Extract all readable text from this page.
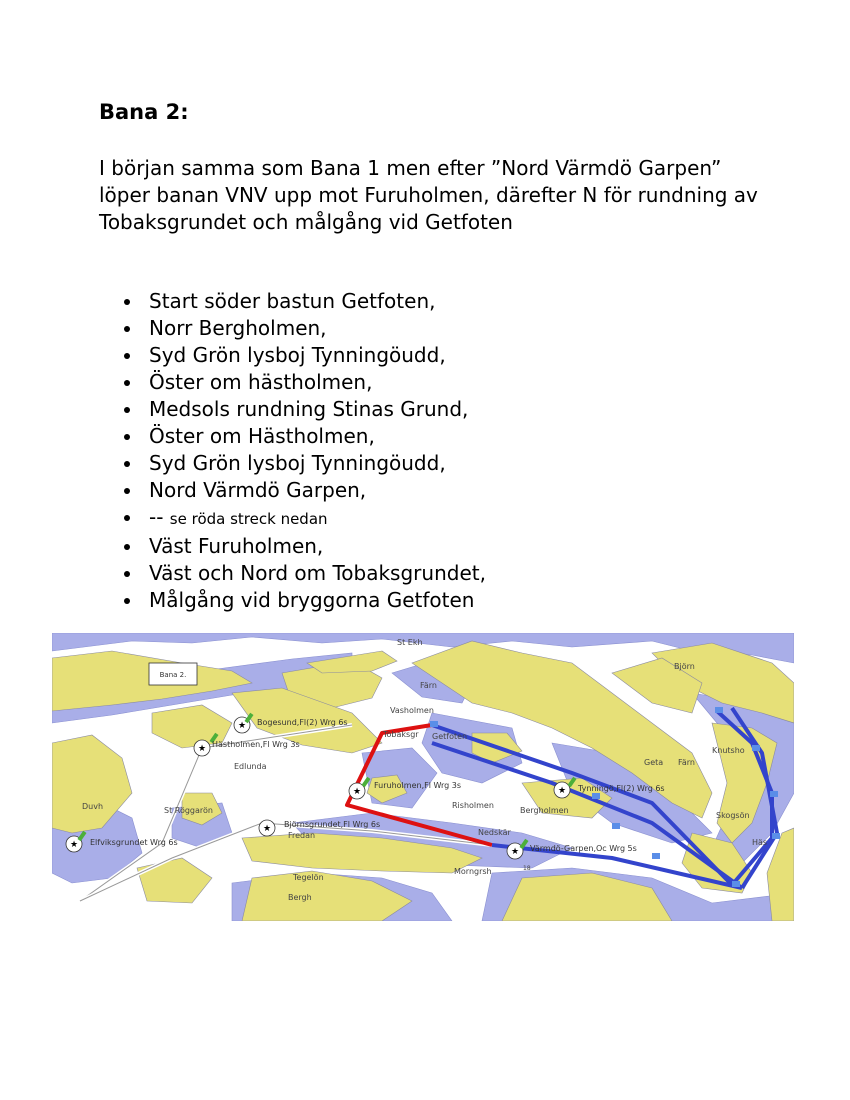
Bana 2:

I början samma som Bana 1 men efter ”Nord Värmdö Garpen” löper banan VNV upp mot Furuholmen, därefter N för rundning av Tobaksgrundet och målgång vid Getfoten

Start söder bastun Getfoten,
Norr Bergholmen,
Syd Grön lysboj Tynningöudd,
Öster om hästholmen,
Medsols rundning Stinas Grund,
Öster om Hästholmen,
Syd Grön lysboj Tynningöudd,
Nord Värmdö Garpen,
-- se röda streck nedan
Väst Furuholmen,
Väst och Nord om Tobaksgrundet,
Målgång vid bryggorna Getfoten
★
★
★	★
★
★
★
Bana 2.
St Ekh
Färn
Björn
Vasholmen
Tobaksgr Getfoten
Bogesund,Fl(2) Wrg 6s
Hästholmen,Fl Wrg 3s
Edlunda
Knutsho
Geta Färn
Furuholmen,Fl Wrg 3s	Tynningö,Fl(2) Wrg 6s
Risholmen
Bergholmen
Skogsön
Duvh	St Röggarön
Elfviksgrundet Wrg 6s
Björnsgrundet,Fl Wrg 6s
Fredan	Nedskär
Värmdö-Garpen,Oc Wrg 5s
Häs
Tegelön
Morngrsh
Bergh
18
